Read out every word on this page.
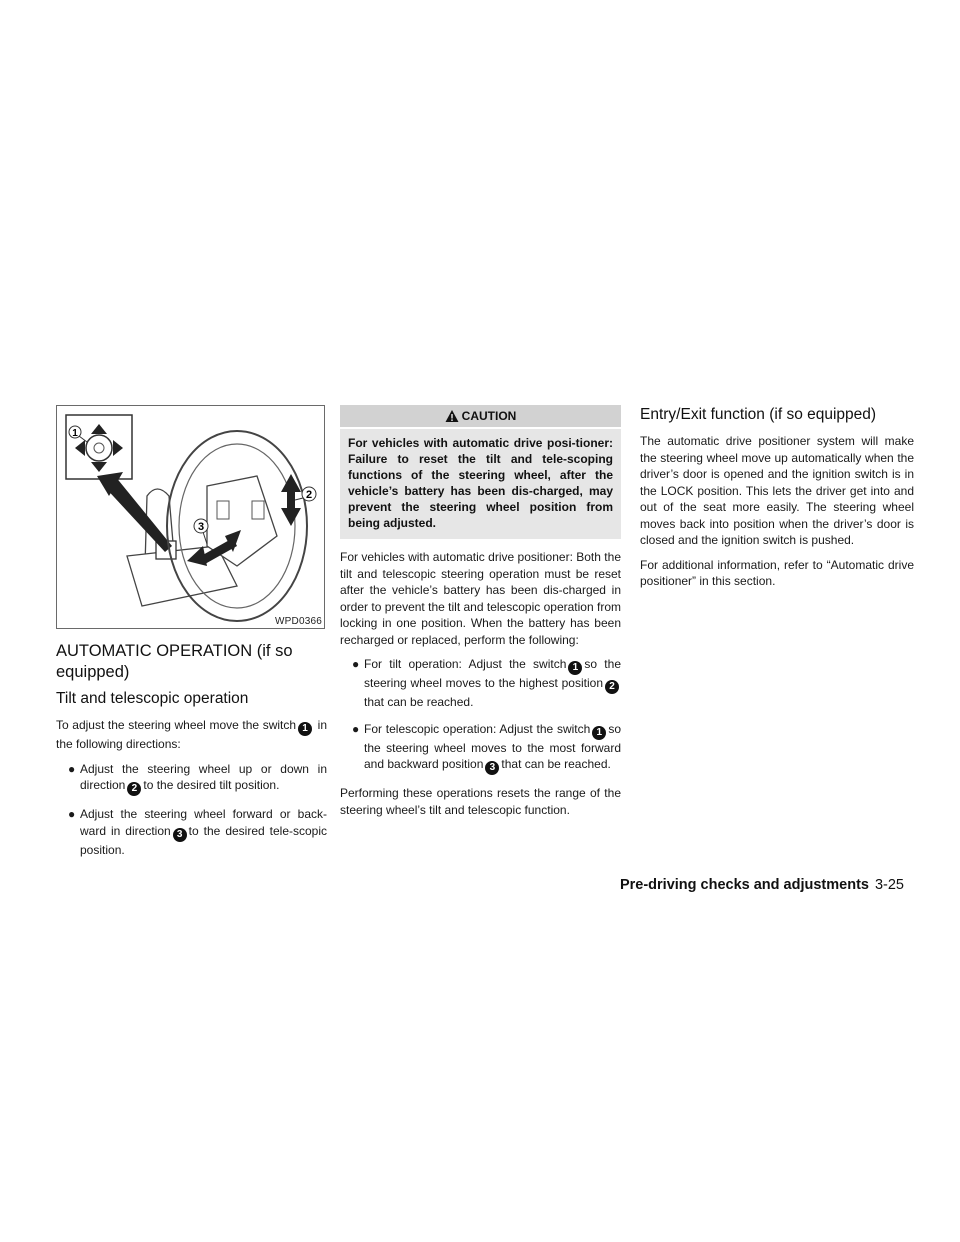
1
2
3
WPD0366
AUTOMATIC OPERATION (if so equipped)
Tilt and telescopic operation

To adjust the steering wheel move the switch 1 in the following directions:

● Adjust the steering wheel up or down in direction 2 to the desired tilt position.
● Adjust the steering wheel forward or back-ward in direction 3 to the desired tele-scopic position.
CAUTION
For vehicles with automatic drive posi-tioner: Failure to reset the tilt and tele-scoping functions of the steering wheel, after the vehicle’s battery has been dis-charged, may prevent the steering wheel position from being adjusted.

For vehicles with automatic drive positioner: Both the tilt and telescopic steering operation must be reset after the vehicle’s battery has been dis-charged in order to prevent the tilt and telescopic operation from locking in one position. When the battery has been recharged or replaced, perform the following:

● For tilt operation: Adjust the switch 1 so the steering wheel moves to the highest position 2that can be reached.
● For telescopic operation: Adjust the switch 1 so the steering wheel moves to the most forward and backward position 3 that can be reached.

Performing these operations resets the range of the steering wheel’s tilt and telescopic function.

Entry/Exit function (if so equipped)

The automatic drive positioner system will make the steering wheel move up automatically when the driver’s door is opened and the ignition switch is in the LOCK position. This lets the driver get into and out of the seat more easily. The steering wheel moves back into position when the driver’s door is closed and the ignition switch is pushed.

For additional information, refer to “Automatic drive positioner” in this section.

Pre-driving checks and adjustments 3-25
